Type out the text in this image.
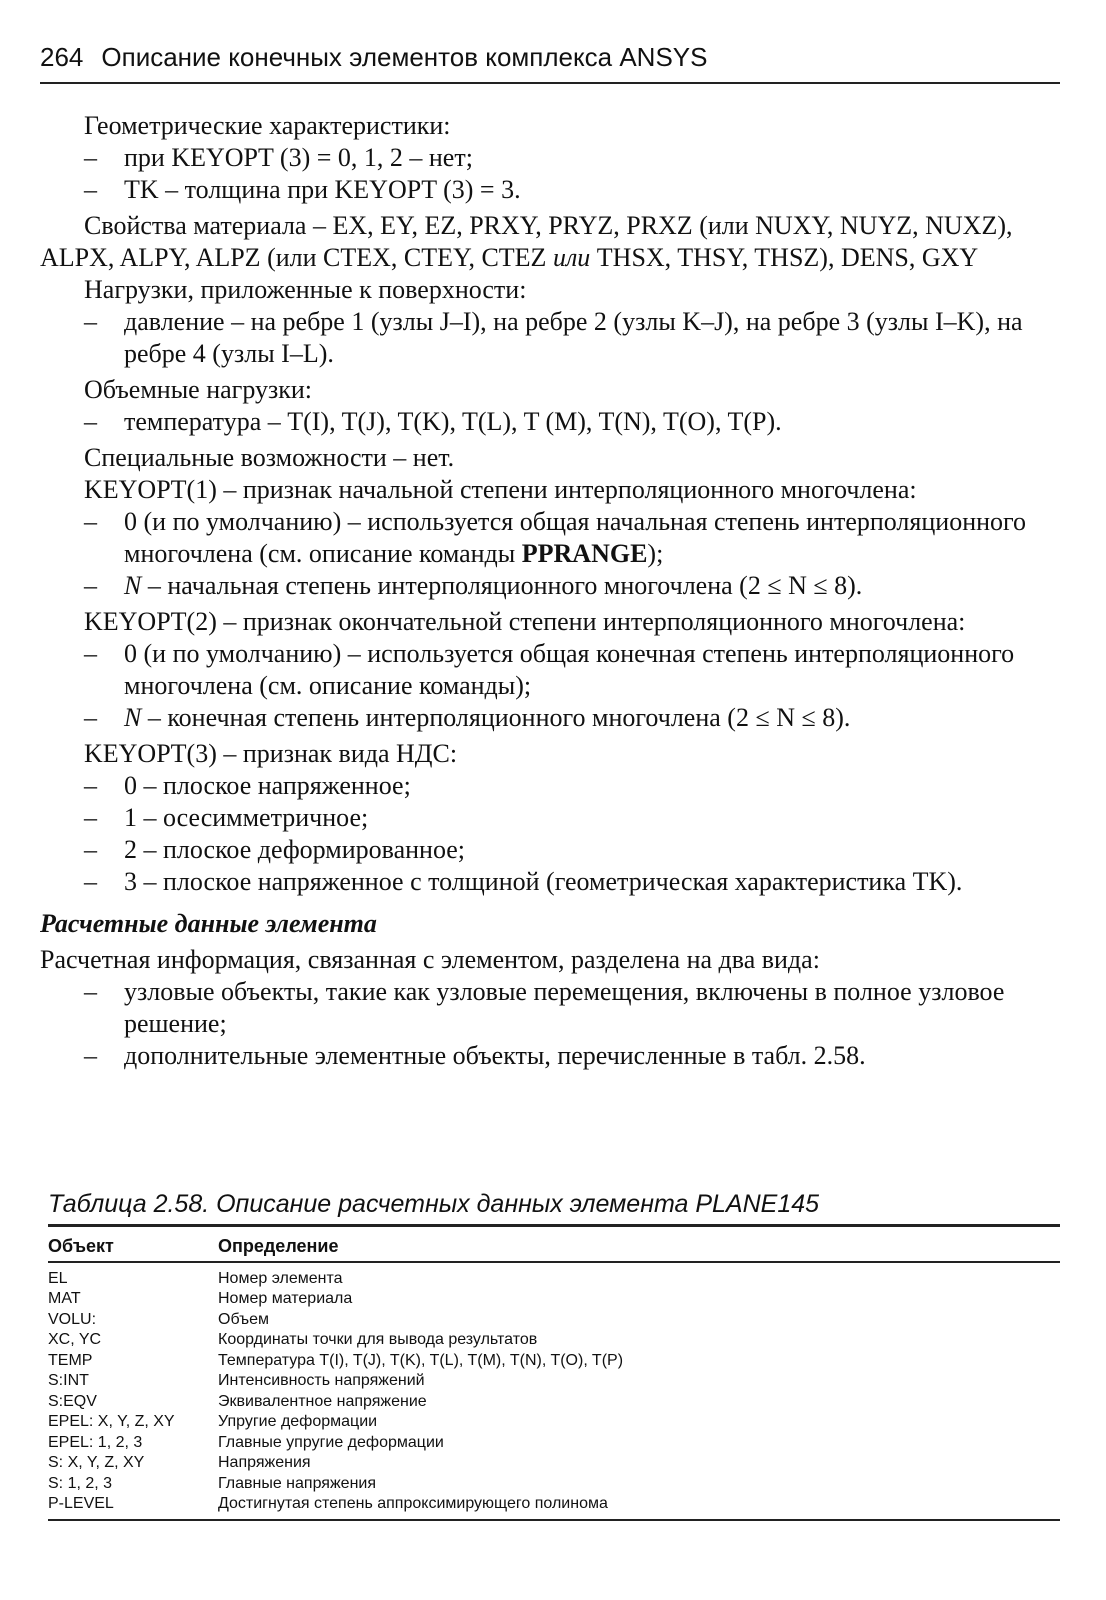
264 Описание конечных элементов комплекса ANSYS

Геометрические характеристики:

–	при KEYOPT (3) = 0, 1, 2 – нет;

–	TK – толщина при KEYOPT (3) = 3.

Свойства материала – EX, EY, EZ, PRXY, PRYZ, PRXZ (или NUXY, NUYZ, NUXZ), ALPX, ALPY, ALPZ (или CTEX, CTEY, CTEZ или THSX, THSY, THSZ), DENS, GXY

Нагрузки, приложенные к поверхности:

–	давление – на ребре 1 (узлы J–I), на ребре 2 (узлы K–J), на ребре 3 (узлы I–K), на ребре 4 (узлы I–L).

Объемные нагрузки:

–	температура – T(I), T(J), T(K), T(L), T (M), T(N), T(O), T(P).

Специальные возможности – нет.

KEYOPT(1) – признак начальной степени интерполяционного многочлена:

–	0 (и по умолчанию) – используется общая начальная степень интерполяционного многочлена (см. описание команды PPRANGE);

–	N – начальная степень интерполяционного многочлена (2 ≤ N ≤ 8).

KEYOPT(2) – признак окончательной степени интерполяционного многочлена:

–	0 (и по умолчанию) – используется общая конечная степень интерполяционного многочлена (см. описание команды);

–	N – конечная степень интерполяционного многочлена (2 ≤ N ≤ 8).

KEYOPT(3) – признак вида НДС:

–	0 – плоское напряженное;

–	1 – осесимметричное;

–	2 – плоское деформированное;

–	3 – плоское напряженное с толщиной (геометрическая характеристика TK).

Расчетные данные элемента

Расчетная информация, связанная с элементом, разделена на два вида:

–	узловые объекты, такие как узловые перемещения, включены в полное узловое решение;

–	дополнительные элементные объекты, перечисленные в табл. 2.58.

Таблица 2.58. Описание расчетных данных элемента PLANE145
Объект	Определение
EL	Номер элемента
MAT	Номер материала
VOLU:	Объем
XC, YC	Координаты точки для вывода результатов
TEMP	Температура T(I), T(J), T(K), T(L), T(M), T(N), T(O), T(P)
S:INT	Интенсивность напряжений
S:EQV	Эквивалентное напряжение
EPEL: X, Y, Z, XY	Упругие деформации
EPEL: 1, 2, 3	Главные упругие деформации
S: X, Y, Z, XY	Напряжения
S: 1, 2, 3	Главные напряжения
P-LEVEL	Достигнутая степень аппроксимирующего полинома
